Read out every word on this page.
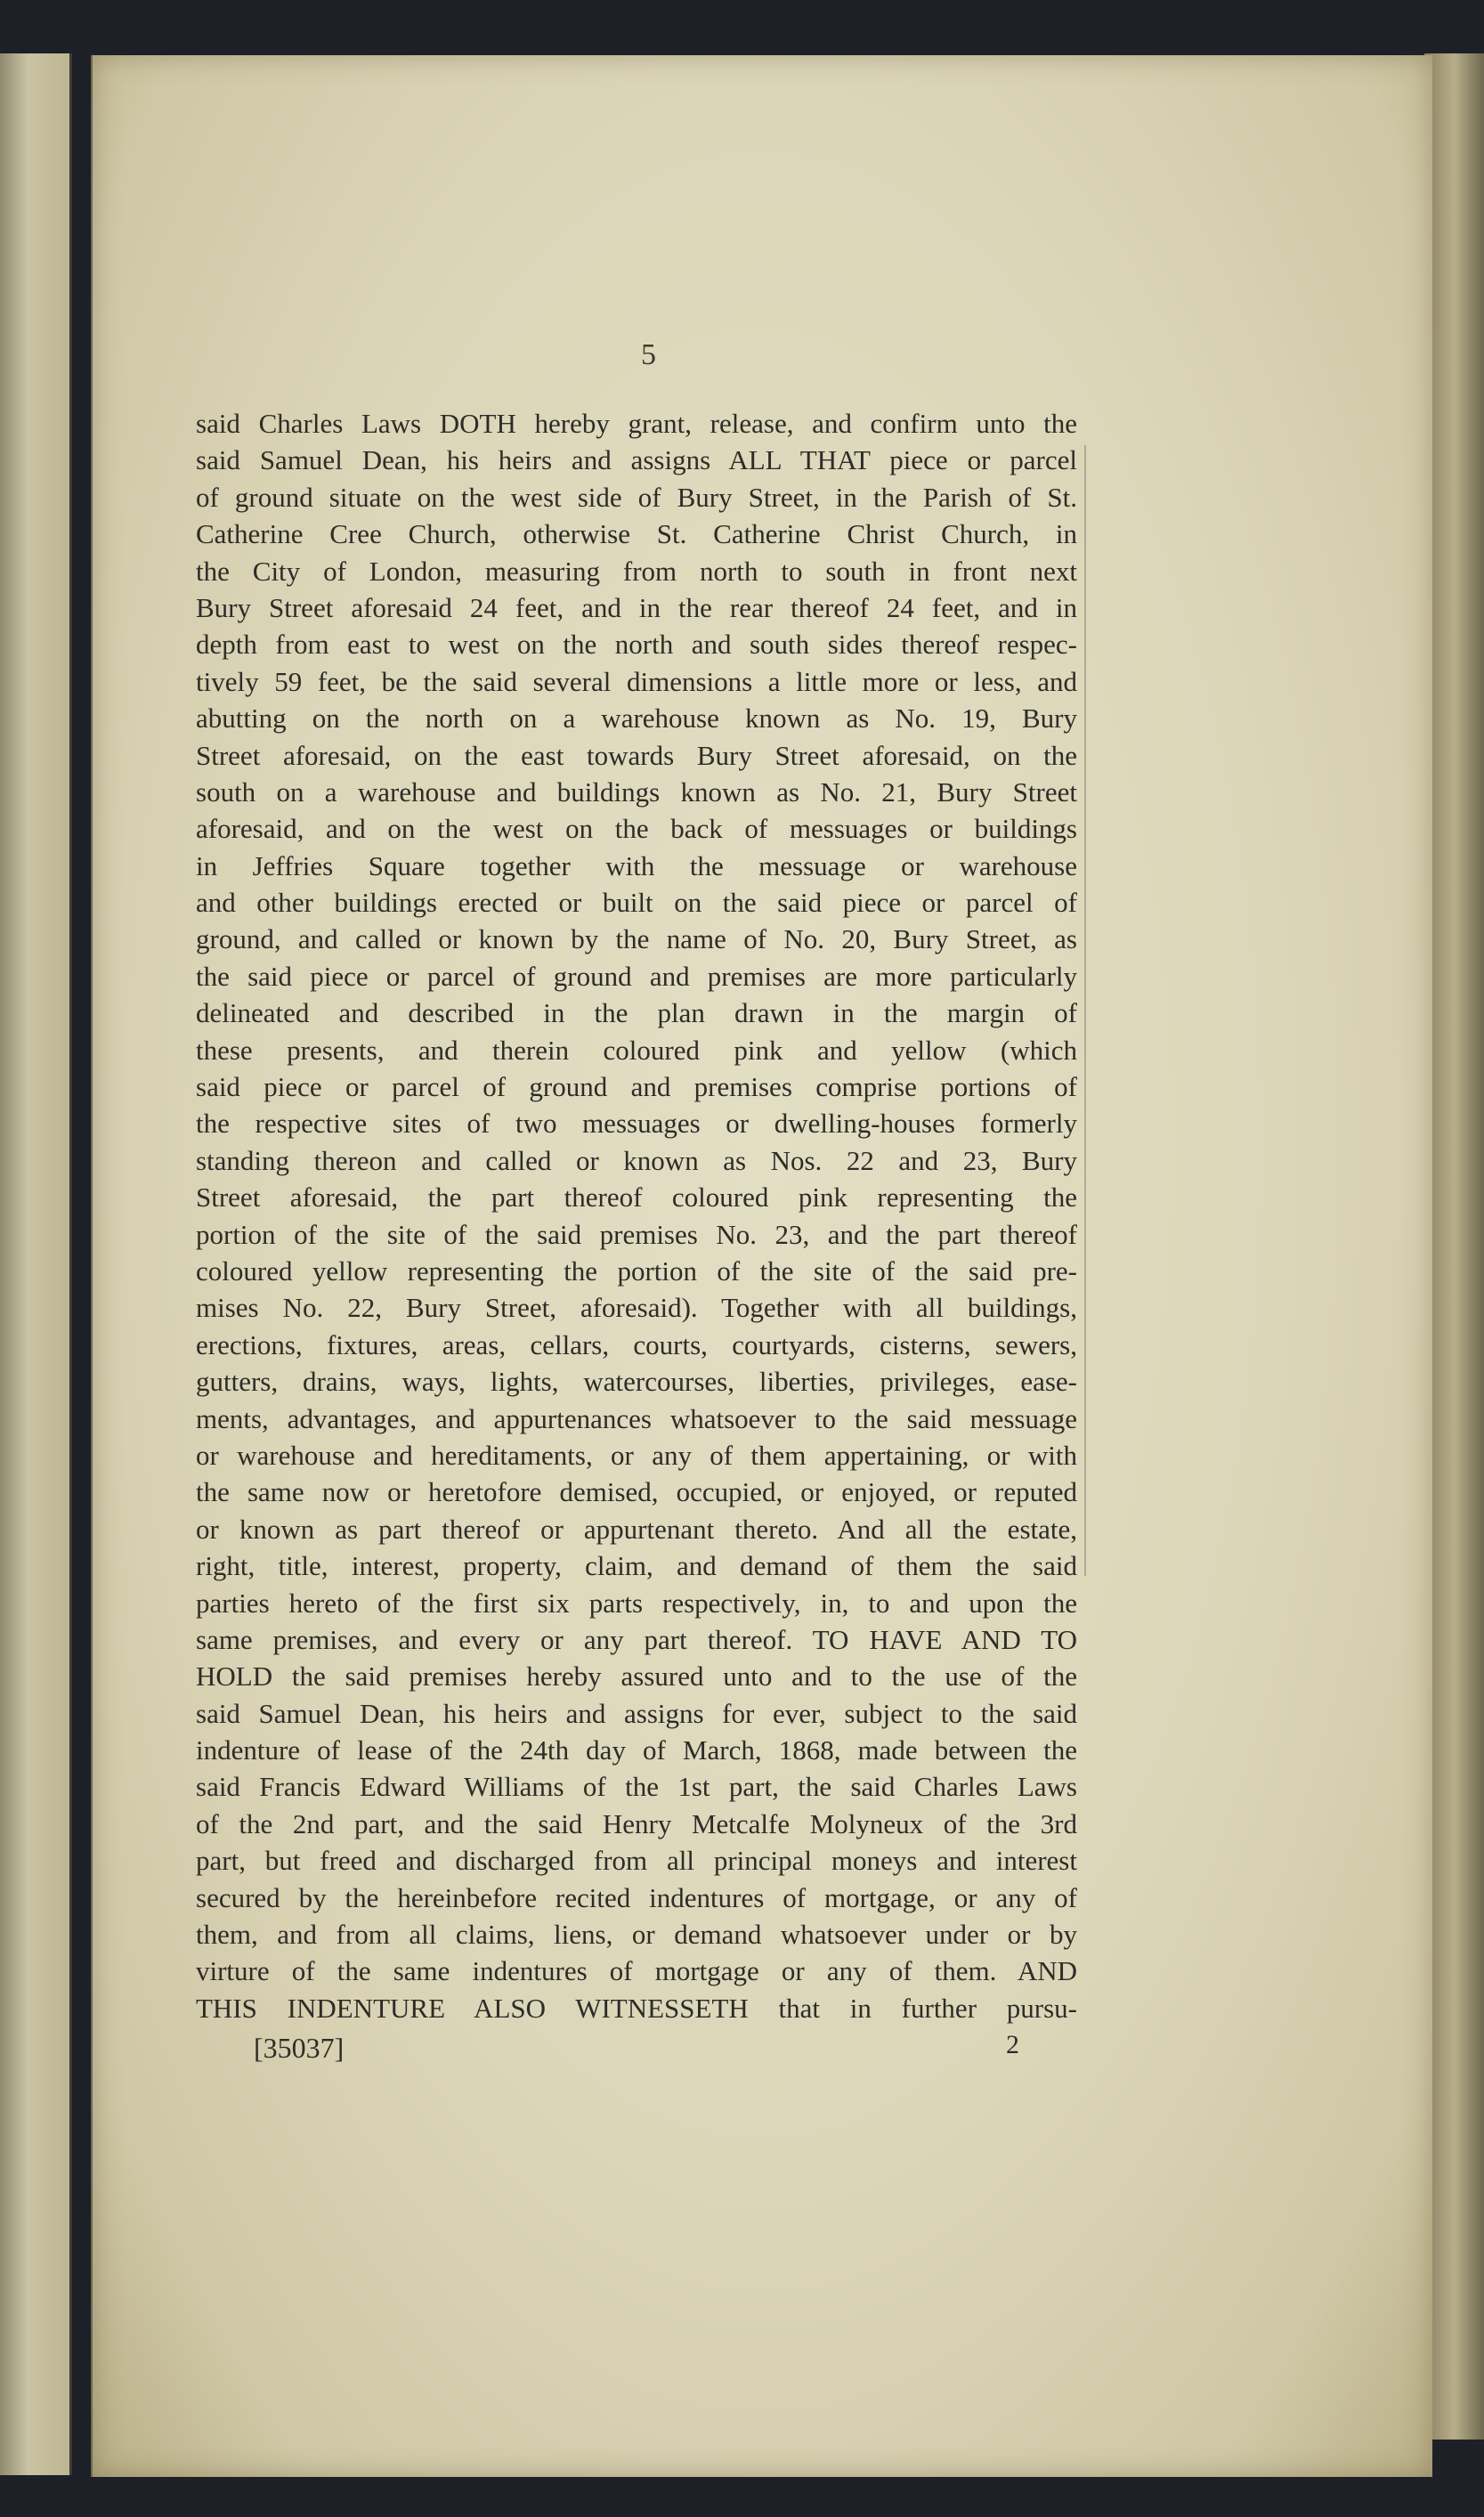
5
said Charles Laws DOTH hereby grant, release, and confirm unto the
said Samuel Dean, his heirs and assigns ALL THAT piece or parcel
of ground situate on the west side of Bury Street, in the Parish of St.
Catherine Cree Church, otherwise St. Catherine Christ Church, in
the City of London, measuring from north to south in front next
Bury Street aforesaid 24 feet, and in the rear thereof 24 feet, and in
depth from east to west on the north and south sides thereof respec-
tively 59 feet, be the said several dimensions a little more or less, and
abutting on the north on a warehouse known as No. 19, Bury
Street aforesaid, on the east towards Bury Street aforesaid, on the
south on a warehouse and buildings known as No. 21, Bury Street
aforesaid, and on the west on the back of messuages or buildings
in Jeffries Square together with the messuage or warehouse
and other buildings erected or built on the said piece or parcel of
ground, and called or known by the name of No. 20, Bury Street, as
the said piece or parcel of ground and premises are more particularly
delineated and described in the plan drawn in the margin of
these presents, and therein coloured pink and yellow (which
said piece or parcel of ground and premises comprise portions of
the respective sites of two messuages or dwelling-houses formerly
standing thereon and called or known as Nos. 22 and 23, Bury
Street aforesaid, the part thereof coloured pink representing the
portion of the site of the said premises No. 23, and the part thereof
coloured yellow representing the portion of the site of the said pre-
mises No. 22, Bury Street, aforesaid). Together with all buildings,
erections, fixtures, areas, cellars, courts, courtyards, cisterns, sewers,
gutters, drains, ways, lights, watercourses, liberties, privileges, ease-
ments, advantages, and appurtenances whatsoever to the said messuage
or warehouse and hereditaments, or any of them appertaining, or with
the same now or heretofore demised, occupied, or enjoyed, or reputed
or known as part thereof or appurtenant thereto. And all the estate,
right, title, interest, property, claim, and demand of them the said
parties hereto of the first six parts respectively, in, to and upon the
same premises, and every or any part thereof. TO HAVE AND TO
HOLD the said premises hereby assured unto and to the use of the
said Samuel Dean, his heirs and assigns for ever, subject to the said
indenture of lease of the 24th day of March, 1868, made between the
said Francis Edward Williams of the 1st part, the said Charles Laws
of the 2nd part, and the said Henry Metcalfe Molyneux of the 3rd
part, but freed and discharged from all principal moneys and interest
secured by the hereinbefore recited indentures of mortgage, or any of
them, and from all claims, liens, or demand whatsoever under or by
virture of the same indentures of mortgage or any of them. AND
THIS INDENTURE ALSO WITNESSETH that in further pursu-
[35037]	2
